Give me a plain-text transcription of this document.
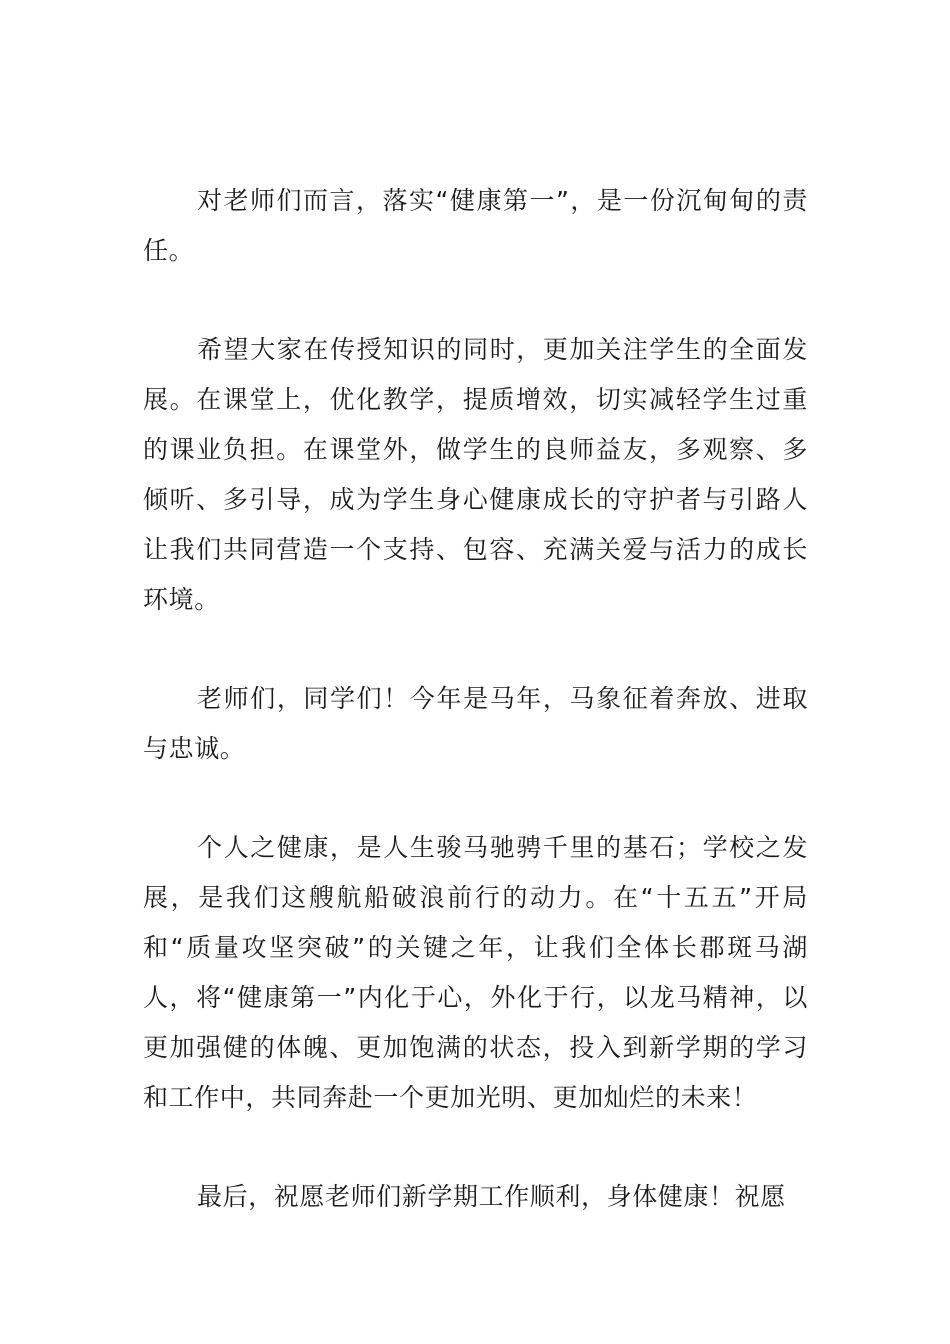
对老师们而言，落实“健康第一”，是一份沉甸甸的责任。

希望大家在传授知识的同时，更加关注学生的全面发展。在课堂上，优化教学，提质增效，切实减轻学生过重的课业负担。在课堂外，做学生的良师益友，多观察、多倾听、多引导，成为学生身心健康成长的守护者与引路人让我们共同营造一个支持、包容、充满关爱与活力的成长环境。

老师们，同学们！今年是马年，马象征着奔放、进取与忠诚。

个人之健康，是人生骏马驰骋千里的基石；学校之发展，是我们这艘航船破浪前行的动力。在“十五五”开局和“质量攻坚突破”的关键之年，让我们全体长郡斑马湖人，将“健康第一”内化于心，外化于行，以龙马精神，以更加强健的体魄、更加饱满的状态，投入到新学期的学习和工作中，共同奔赴一个更加光明、更加灿烂的未来！

最后，祝愿老师们新学期工作顺利，身体健康！祝愿
